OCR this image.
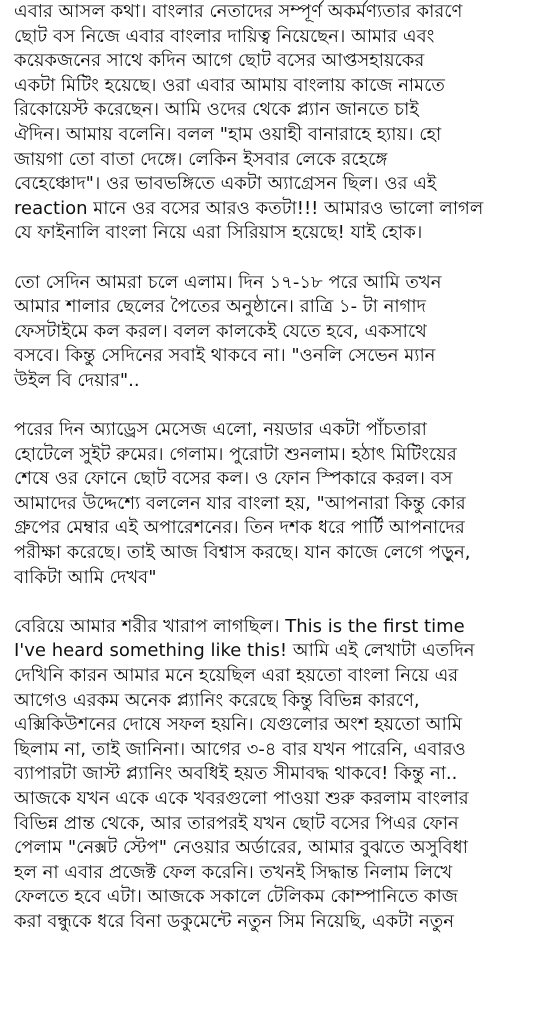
এবার আসল কথা। বাংলার নেতাদের সম্পূর্ণ অকর্মণ্যতার কারণে
ছোট বস নিজে এবার বাংলার দায়িত্ব নিয়েছেন। আমার এবং
কয়েকজনের সাথে কদিন আগে ছোট বসের আপ্তসহায়কের
একটা মিটিং হয়েছে। ওরা এবার আমায় বাংলায় কাজে নামতে
রিকোয়েস্ট করেছেন। আমি ওদের থেকে প্ল্যান জানতে চাই
ঐদিন। আমায় বলেনি। বলল "হাম ওয়াহী বানারাহে হ্যায়। হো
জায়গা তো বাতা দেঙ্গে। লেকিন ইসবার লেকে রহেঙ্গে
বেহেঞ্চোদ"। ওর ভাবভঙ্গিতে একটা অ্যাগ্রেসন ছিল। ওর এই
reaction মানে ওর বসের আরও কতটা!!! আমারও ভালো লাগল
যে ফাইনালি বাংলা নিয়ে এরা সিরিয়াস হয়েছে! যাই হোক।
তো সেদিন আমরা চলে এলাম। দিন ১৭-১৮ পরে আমি তখন
আমার শালার ছেলের পৈতের অনুষ্ঠানে। রাত্রি ১- টা নাগাদ
ফেসটাইমে কল করল। বলল কালকেই যেতে হবে, একসাথে
বসবে। কিন্তু সেদিনের সবাই থাকবে না। "ওনলি সেভেন ম্যান
উইল বি দেয়ার"..
পরের দিন অ্যাড্রেস মেসেজ এলো, নয়ডার একটা পাঁচতারা
হোটেলে সুইট রুমের। গেলাম। পুরোটা শুনলাম। হঠাৎ মিটিংয়ের
শেষে ওর ফোনে ছোট বসের কল। ও ফোন স্পিকারে করল। বস
আমাদের উদ্দেশ্যে বললেন যার বাংলা হয়, "আপনারা কিন্তু কোর
গ্রুপের মেম্বার এই অপারেশনের। তিন দশক ধরে পার্টি আপনাদের
পরীক্ষা করেছে। তাই আজ বিশ্বাস করছে। যান কাজে লেগে পড়ুন,
বাকিটা আমি দেখব"
বেরিয়ে আমার শরীর খারাপ লাগছিল। This is the first time
I've heard something like this! আমি এই লেখাটা এতদিন
দেখিনি কারন আমার মনে হয়েছিল এরা হয়তো বাংলা নিয়ে এর
আগেও এরকম অনেক প্ল্যানিং করেছে কিন্তু বিভিন্ন কারণে,
এক্সিকিউশনের দোষে সফল হয়নি। যেগুলোর অংশ হয়তো আমি
ছিলাম না, তাই জানিনা। আগের ৩-৪ বার যখন পারেনি, এবারও
ব্যাপারটা জাস্ট প্ল্যানিং অবধিই হয়ত সীমাবদ্ধ থাকবে! কিন্তু না..
আজকে যখন একে একে খবরগুলো পাওয়া শুরু করলাম বাংলার
বিভিন্ন প্রান্ত থেকে, আর তারপরই যখন ছোট বসের পিএর ফোন
পেলাম "নেক্সট স্টেপ" নেওয়ার অর্ডারের, আমার বুঝতে অসুবিধা
হল না এবার প্রজেক্ট ফেল করেনি। তখনই সিদ্ধান্ত নিলাম লিখে
ফেলতে হবে এটা। আজকে সকালে টেলিকম কোম্পানিতে কাজ
করা বন্ধুকে ধরে বিনা ডকুমেন্টে নতুন সিম নিয়েছি, একটা নতুন
